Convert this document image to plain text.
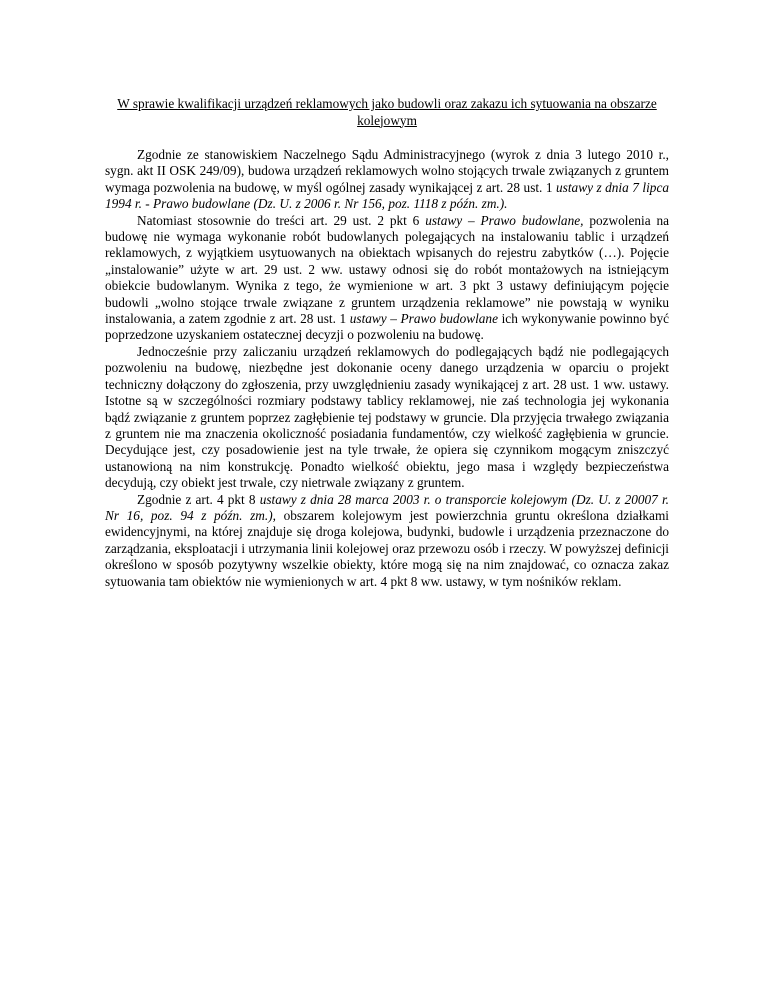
W sprawie kwalifikacji urządzeń reklamowych jako budowli oraz zakazu ich sytuowania na obszarze kolejowym

Zgodnie ze stanowiskiem Naczelnego Sądu Administracyjnego (wyrok z dnia 3 lutego 2010 r., sygn. akt II OSK 249/09), budowa urządzeń reklamowych wolno stojących trwale związanych z gruntem wymaga pozwolenia na budowę, w myśl ogólnej zasady wynikającej z art. 28 ust. 1 ustawy z dnia 7 lipca 1994 r. - Prawo budowlane (Dz. U. z 2006 r. Nr 156, poz. 1118 z późn. zm.).

Natomiast stosownie do treści art. 29 ust. 2 pkt 6 ustawy – Prawo budowlane, pozwolenia na budowę nie wymaga wykonanie robót budowlanych polegających na instalowaniu tablic i urządzeń reklamowych, z wyjątkiem usytuowanych na obiektach wpisanych do rejestru zabytków (…). Pojęcie „instalowanie” użyte w art. 29 ust. 2 ww. ustawy odnosi się do robót montażowych na istniejącym obiekcie budowlanym. Wynika z tego, że wymienione w art. 3 pkt 3 ustawy definiującym pojęcie budowli „wolno stojące trwale związane z gruntem urządzenia reklamowe” nie powstają w wyniku instalowania, a zatem zgodnie z art. 28 ust. 1 ustawy – Prawo budowlane ich wykonywanie powinno być poprzedzone uzyskaniem ostatecznej decyzji o pozwoleniu na budowę.

Jednocześnie przy zaliczaniu urządzeń reklamowych do podlegających bądź nie podlegających pozwoleniu na budowę, niezbędne jest dokonanie oceny danego urządzenia w oparciu o projekt techniczny dołączony do zgłoszenia, przy uwzględnieniu zasady wynikającej z art. 28 ust. 1 ww. ustawy. Istotne są w szczególności rozmiary podstawy tablicy reklamowej, nie zaś technologia jej wykonania bądź związanie z gruntem poprzez zagłębienie tej podstawy w gruncie. Dla przyjęcia trwałego związania z gruntem nie ma znaczenia okoliczność posiadania fundamentów, czy wielkość zagłębienia w gruncie. Decydujące jest, czy posadowienie jest na tyle trwałe, że opiera się czynnikom mogącym zniszczyć ustanowioną na nim konstrukcję. Ponadto wielkość obiektu, jego masa i względy bezpieczeństwa decydują, czy obiekt jest trwale, czy nietrwale związany z gruntem.

Zgodnie z art. 4 pkt 8 ustawy z dnia 28 marca 2003 r. o transporcie kolejowym (Dz. U. z 20007 r. Nr 16, poz. 94 z późn. zm.), obszarem kolejowym jest powierzchnia gruntu określona działkami ewidencyjnymi, na której znajduje się droga kolejowa, budynki, budowle i urządzenia przeznaczone do zarządzania, eksploatacji i utrzymania linii kolejowej oraz przewozu osób i rzeczy. W powyższej definicji określono w sposób pozytywny wszelkie obiekty, które mogą się na nim znajdować, co oznacza zakaz sytuowania tam obiektów nie wymienionych w art. 4 pkt 8 ww. ustawy, w tym nośników reklam.
